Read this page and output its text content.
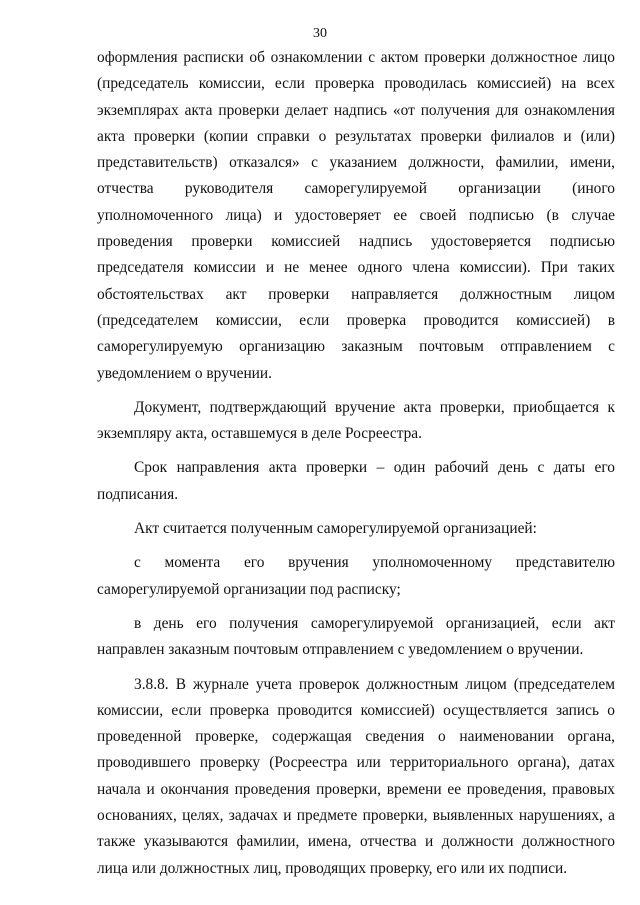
30

оформления расписки об ознакомлении с актом проверки должностное лицо (председатель комиссии, если проверка проводилась комиссией) на всех экземплярах акта проверки делает надпись «от получения для ознакомления акта проверки (копии справки о результатах проверки филиалов и (или) представительств) отказался» с указанием должности, фамилии, имени, отчества руководителя саморегулируемой организации (иного уполномоченного лица) и удостоверяет ее своей подписью (в случае проведения проверки комиссией надпись удостоверяется подписью председателя комиссии и не менее одного члена комиссии). При таких обстоятельствах акт проверки направляется должностным лицом (председателем комиссии, если проверка проводится комиссией) в саморегулируемую организацию заказным почтовым отправлением с уведомлением о вручении.

Документ, подтверждающий вручение акта проверки, приобщается к экземпляру акта, оставшемуся в деле Росреестра.

Срок направления акта проверки – один рабочий день с даты его подписания.

Акт считается полученным саморегулируемой организацией:

с момента его вручения уполномоченному представителю саморегулируемой организации под расписку;

в день его получения саморегулируемой организацией, если акт направлен заказным почтовым отправлением с уведомлением о вручении.

3.8.8. В журнале учета проверок должностным лицом (председателем комиссии, если проверка проводится комиссией) осуществляется запись о проведенной проверке, содержащая сведения о наименовании органа, проводившего проверку (Росреестра или территориального органа), датах начала и окончания проведения проверки, времени ее проведения, правовых основаниях, целях, задачах и предмете проверки, выявленных нарушениях, а также указываются фамилии, имена, отчества и должности должностного лица или должностных лиц, проводящих проверку, его или их подписи.
